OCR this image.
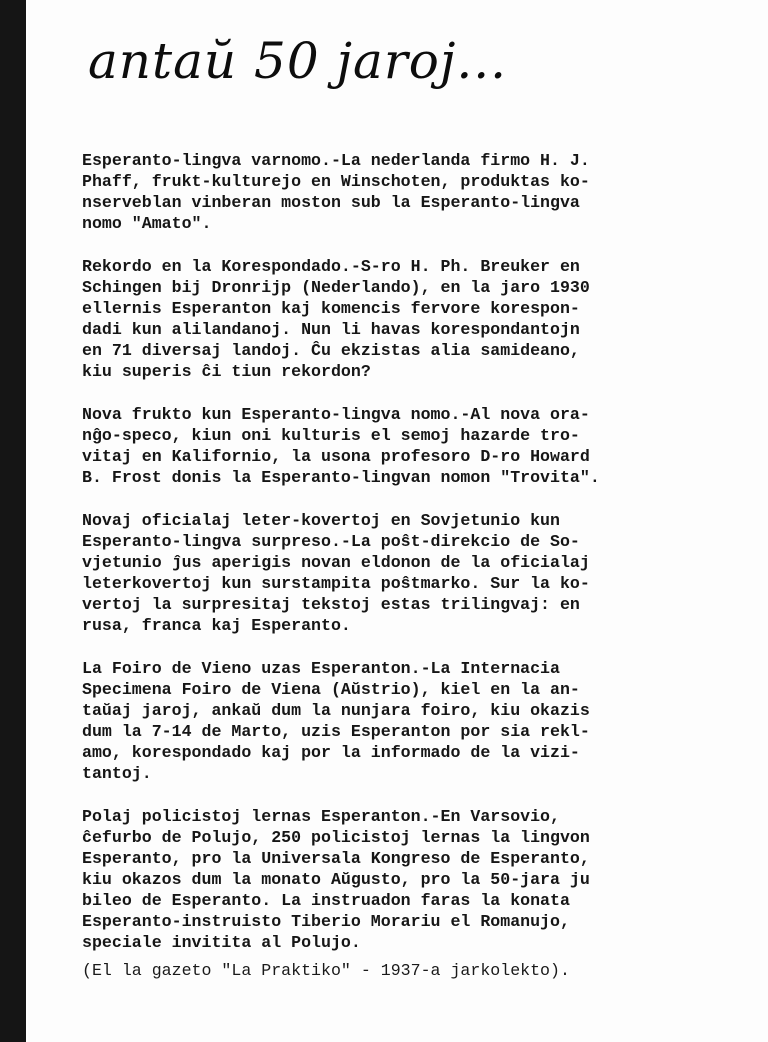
antaŭ 50 jaroj...
Esperanto-lingva varnomo.-La nederlanda firmo H. J.
Phaff, frukt-kulturejo en Winschoten, produktas ko-
nserveblan vinberan moston sub la Esperanto-lingva
nomo "Amato".
Rekordo en la Korespondado.-S-ro H. Ph. Breuker en
Schingen bij Dronrijp (Nederlando), en la jaro 1930
ellernis Esperanton kaj komencis fervore korespon-
dadi kun alilandanoj. Nun li havas korespondantojn
en 71 diversaj landoj. Ĉu ekzistas alia samideano,
kiu superis ĉi tiun rekordon?
Nova frukto kun Esperanto-lingva nomo.-Al nova ora-
nĝo-speco, kiun oni kulturis el semoj hazarde tro-
vitaj en Kalifornio, la usona profesoro D-ro Howard
B. Frost donis la Esperanto-lingvan nomon "Trovita".
Novaj oficialaj leter-kovertoj en Sovjetunio kun
Esperanto-lingva surpreso.-La poŝt-direkcio de So-
vjetunio ĵus aperigis novan eldonon de la oficialaj
leterkovertoj kun surstampita poŝtmarko. Sur la ko-
vertoj la surpresitaj tekstoj estas trilingvaj: en
rusa, franca kaj Esperanto.
La Foiro de Vieno uzas Esperanton.-La Internacia
Specimena Foiro de Viena (Aŭstrio), kiel en la an-
taŭaj jaroj, ankaŭ dum la nunjara foiro, kiu okazis
dum la 7-14 de Marto, uzis Esperanton por sia rekl-
amo, korespondado kaj por la informado de la vizi-
tantoj.
Polaj policistoj lernas Esperanton.-En Varsovio,
ĉefurbo de Polujo, 250 policistoj lernas la lingvon
Esperanto, pro la Universala Kongreso de Esperanto,
kiu okazos dum la monato Aŭgusto, pro la 50-jara ju
bileo de Esperanto. La instruadon faras la konata
Esperanto-instruisto Tiberio Morariu el Romanujo,
speciale invitita al Polujo.
(El la gazeto "La Praktiko" - 1937-a jarkolekto).
